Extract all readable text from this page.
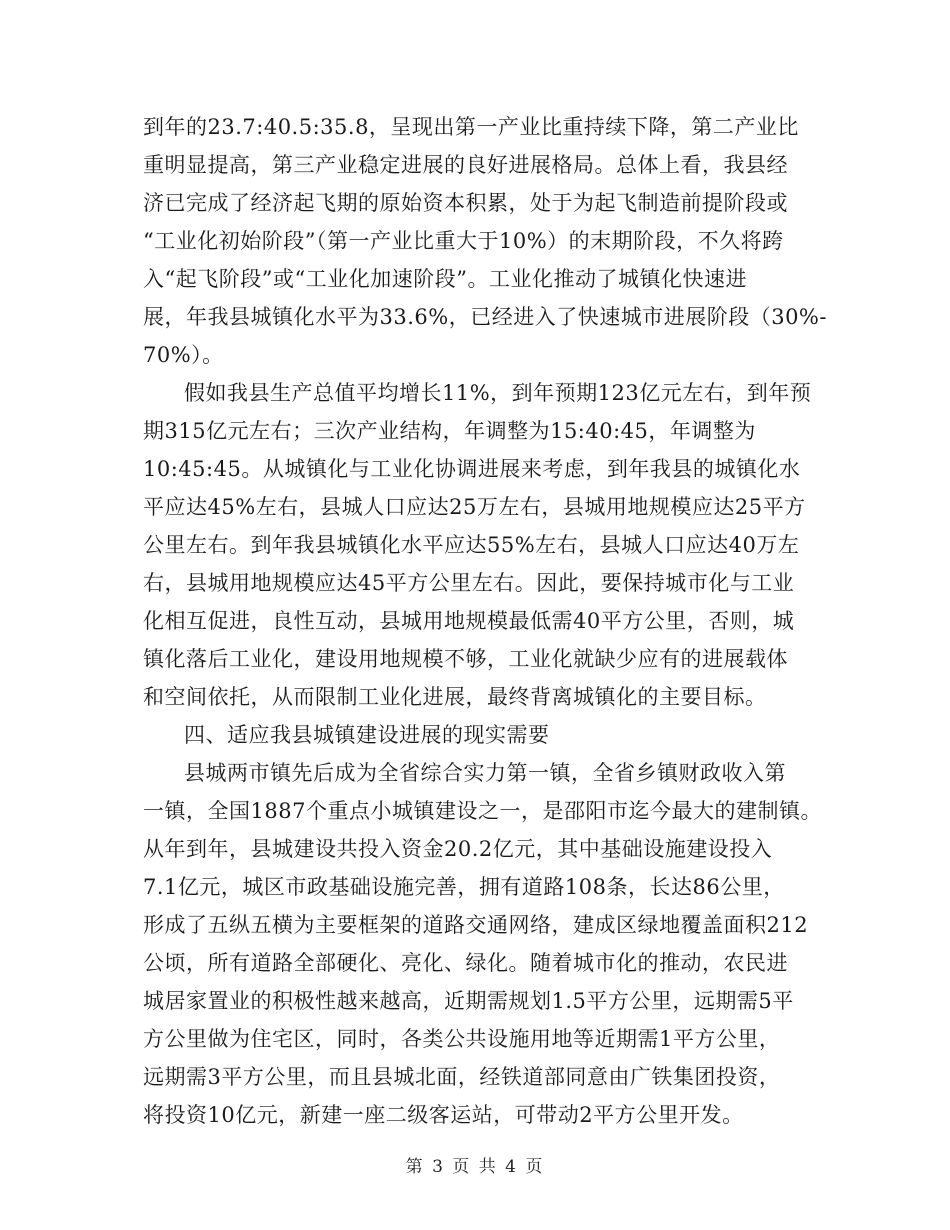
到年的23.7:40.5:35.8，呈现出第一产业比重持续下降，第二产业比
重明显提高，第三产业稳定进展的良好进展格局。总体上看，我县经
济已完成了经济起飞期的原始资本积累，处于为起飞制造前提阶段或
“工业化初始阶段”（第一产业比重大于10%）的末期阶段，不久将跨
入“起飞阶段”或“工业化加速阶段”。工业化推动了城镇化快速进
展，年我县城镇化水平为33.6%，已经进入了快速城市进展阶段（30%-
70%）。
假如我县生产总值平均增长11%，到年预期123亿元左右，到年预
期315亿元左右；三次产业结构，年调整为15:40:45，年调整为
10:45:45。从城镇化与工业化协调进展来考虑，到年我县的城镇化水
平应达45%左右，县城人口应达25万左右，县城用地规模应达25平方
公里左右。到年我县城镇化水平应达55%左右，县城人口应达40万左
右，县城用地规模应达45平方公里左右。因此，要保持城市化与工业
化相互促进，良性互动，县城用地规模最低需40平方公里，否则，城
镇化落后工业化，建设用地规模不够，工业化就缺少应有的进展载体
和空间依托，从而限制工业化进展，最终背离城镇化的主要目标。
四、适应我县城镇建设进展的现实需要
县城两市镇先后成为全省综合实力第一镇，全省乡镇财政收入第
一镇，全国1887个重点小城镇建设之一，是邵阳市迄今最大的建制镇。
从年到年，县城建设共投入资金20.2亿元，其中基础设施建设投入
7.1亿元，城区市政基础设施完善，拥有道路108条，长达86公里，
形成了五纵五横为主要框架的道路交通网络，建成区绿地覆盖面积212
公顷，所有道路全部硬化、亮化、绿化。随着城市化的推动，农民进
城居家置业的积极性越来越高，近期需规划1.5平方公里，远期需5平
方公里做为住宅区，同时，各类公共设施用地等近期需1平方公里，
远期需3平方公里，而且县城北面，经铁道部同意由广铁集团投资，
将投资10亿元，新建一座二级客运站，可带动2平方公里开发。
第 3 页 共 4 页
